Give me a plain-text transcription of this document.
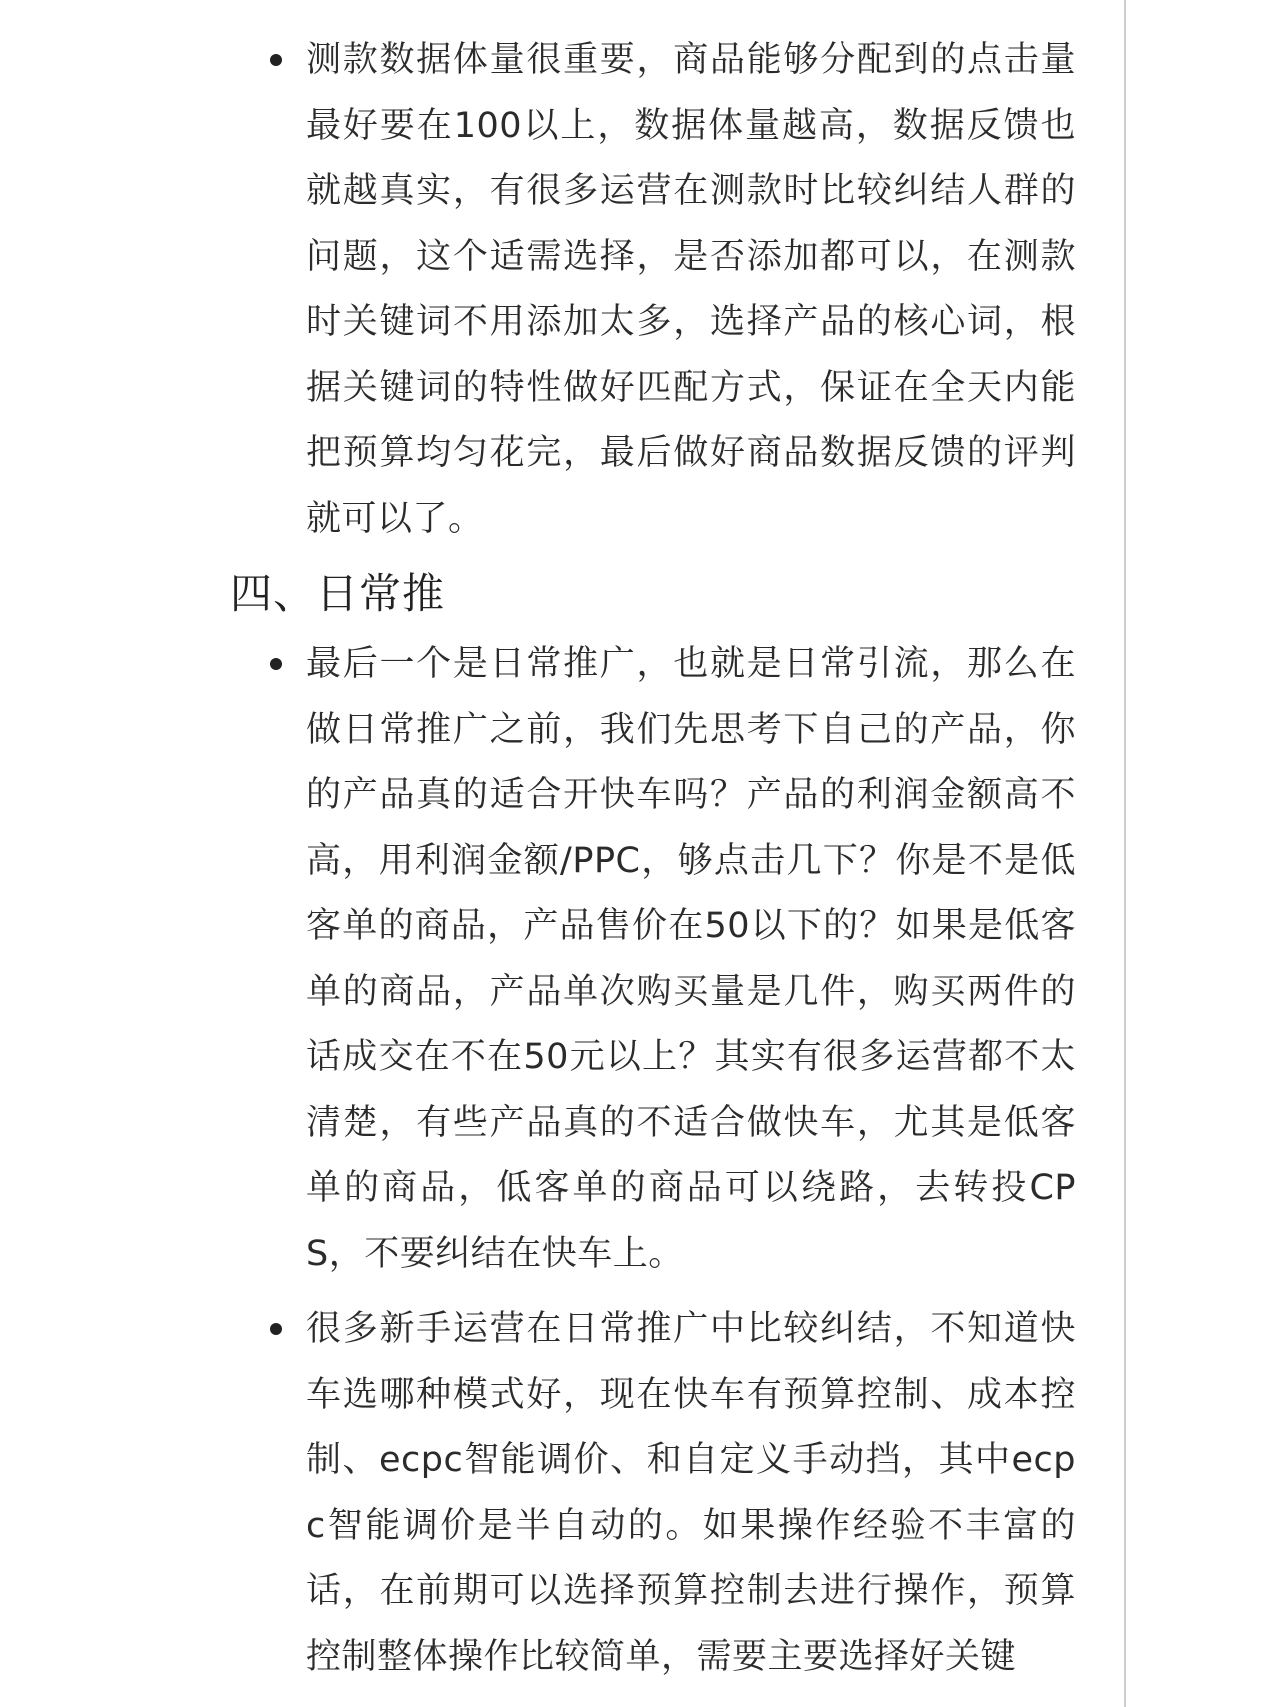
测款数据体量很重要，商品能够分配到的点击量最好要在100以上，数据体量越高，数据反馈也就越真实，有很多运营在测款时比较纠结人群的问题，这个适需选择，是否添加都可以，在测款时关键词不用添加太多，选择产品的核心词，根据关键词的特性做好匹配方式，保证在全天内能把预算均匀花完，最后做好商品数据反馈的评判就可以了。
四、日常推
最后一个是日常推广，也就是日常引流，那么在做日常推广之前，我们先思考下自己的产品，你的产品真的适合开快车吗？产品的利润金额高不高，用利润金额/PPC，够点击几下？你是不是低客单的商品，产品售价在50以下的？如果是低客单的商品，产品单次购买量是几件，购买两件的话成交在不在50元以上？其实有很多运营都不太清楚，有些产品真的不适合做快车，尤其是低客单的商品，低客单的商品可以绕路，去转投CPS，不要纠结在快车上。
很多新手运营在日常推广中比较纠结，不知道快车选哪种模式好，现在快车有预算控制、成本控制、ecpc智能调价、和自定义手动挡，其中ecpc智能调价是半自动的。如果操作经验不丰富的话，在前期可以选择预算控制去进行操作，预算控制整体操作比较简单，需要主要选择好关键
